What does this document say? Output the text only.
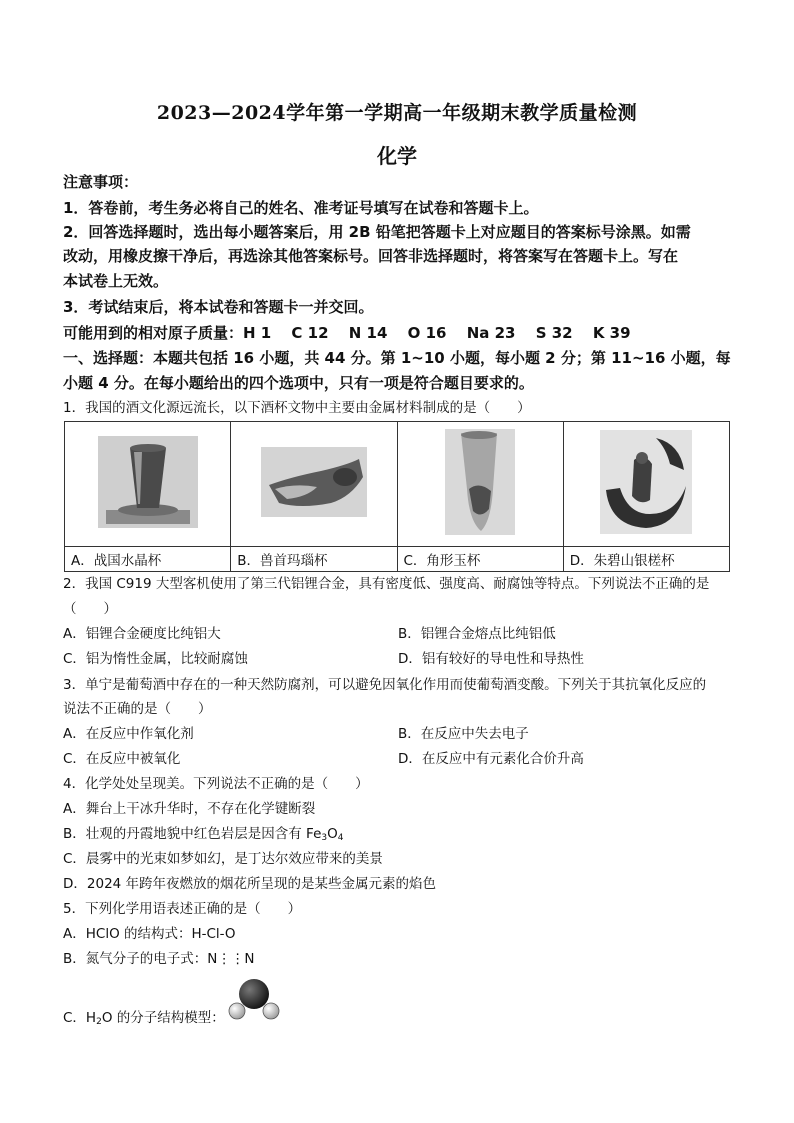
2023—2024学年第一学期高一年级期末教学质量检测
化学
注意事项：
1．答卷前，考生务必将自己的姓名、准考证号填写在试卷和答题卡上。
2．回答选择题时，选出每小题答案后，用 2B 铅笔把答题卡上对应题目的答案标号涂黑。如需
改动，用橡皮擦干净后，再选涂其他答案标号。回答非选择题时，将答案写在答题卡上。写在
本试卷上无效。
3．考试结束后，将本试卷和答题卡一并交回。
可能用到的相对原子质量：H 1　 C 12　 N 14　 O 16　 Na 23　 S 32　 K 39
一、选择题：本题共包括 16 小题，共 44 分。第 1~10 小题，每小题 2 分；第 11~16 小题，每
小题 4 分。在每小题给出的四个选项中，只有一项是符合题目要求的。
1．我国的酒文化源远流长，以下酒杯文物中主要由金属材料制成的是（　　）

A．战国水晶杯	B．兽首玛瑙杯	C．角形玉杯	D．朱碧山银槎杯
2．我国 C919 大型客机使用了第三代铝锂合金，具有密度低、强度高、耐腐蚀等特点。下列说法不正确的是
（　　）
A．铝锂合金硬度比纯铝大	B．铝锂合金熔点比纯铝低
C．铝为惰性金属，比较耐腐蚀	D．铝有较好的导电性和导热性
3．单宁是葡萄酒中存在的一种天然防腐剂，可以避免因氧化作用而使葡萄酒变酸。下列关于其抗氧化反应的
说法不正确的是（　　）
A．在反应中作氧化剂	B．在反应中失去电子
C．在反应中被氧化	D．在反应中有元素化合价升高
4．化学处处呈现美。下列说法不正确的是（　　）
A．舞台上干冰升华时，不存在化学键断裂
B．壮观的丹霞地貌中红色岩层是因含有 $Fe_3O_4$
C．晨雾中的光束如梦如幻，是丁达尔效应带来的美景
D．2024 年跨年夜燃放的烟花所呈现的是某些金属元素的焰色
5．下列化学用语表述正确的是（　　）
A．HClO 的结构式：H-Cl-O
B．氮气分子的电子式：N⋮⋮N
C．$H_2O$ 的分子结构模型：
